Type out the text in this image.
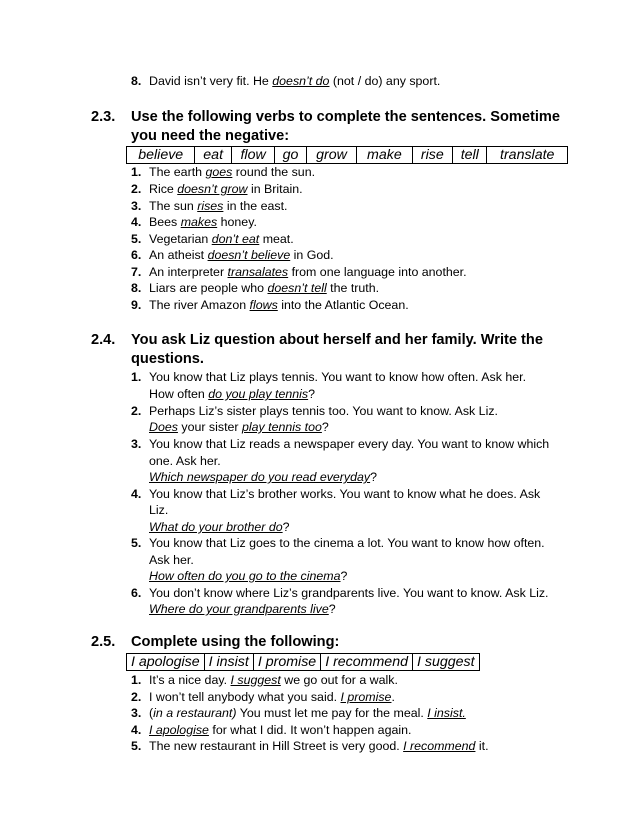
8. David isn’t very fit. He doesn’t do (not / do) any sport.
2.3. Use the following verbs to complete the sentences. Sometime
you need the negative:
believe	eat	flow	go	grow	make	rise	tell	translate
1. The earth goes round the sun.
2. Rice doesn’t grow in Britain.
3. The sun rises in the east.
4. Bees makes honey.
5. Vegetarian don’t eat meat.
6. An atheist doesn’t believe in God.
7. An interpreter transalates from one language into another.
8. Liars are people who doesn’t tell the truth.
9. The river Amazon flows into the Atlantic Ocean.
2.4. You ask Liz question about herself and her family. Write the
questions.
1. You know that Liz plays tennis. You want to know how often. Ask her.
How often do you play tennis?
2. Perhaps Liz’s sister plays tennis too. You want to know. Ask Liz.
Does your sister play tennis too?
3. You know that Liz reads a newspaper every day. You want to know which
one. Ask her.
Which newspaper do you read everyday?
4. You know that Liz’s brother works. You want to know what he does. Ask
Liz.
What do your brother do?
5. You know that Liz goes to the cinema a lot. You want to know how often.
Ask her.
How often do you go to the cinema?
6. You don’t know where Liz’s grandparents live. You want to know. Ask Liz.
Where do your grandparents live?
2.5. Complete using the following:
I apologise	I insist	I promise	I recommend	I suggest
1. It’s a nice day. I suggest we go out for a walk.
2. I won’t tell anybody what you said. I promise.
3. (in a restaurant) You must let me pay for the meal. I insist.
4. I apologise for what I did. It won’t happen again.
5. The new restaurant in Hill Street is very good. I recommend it.
